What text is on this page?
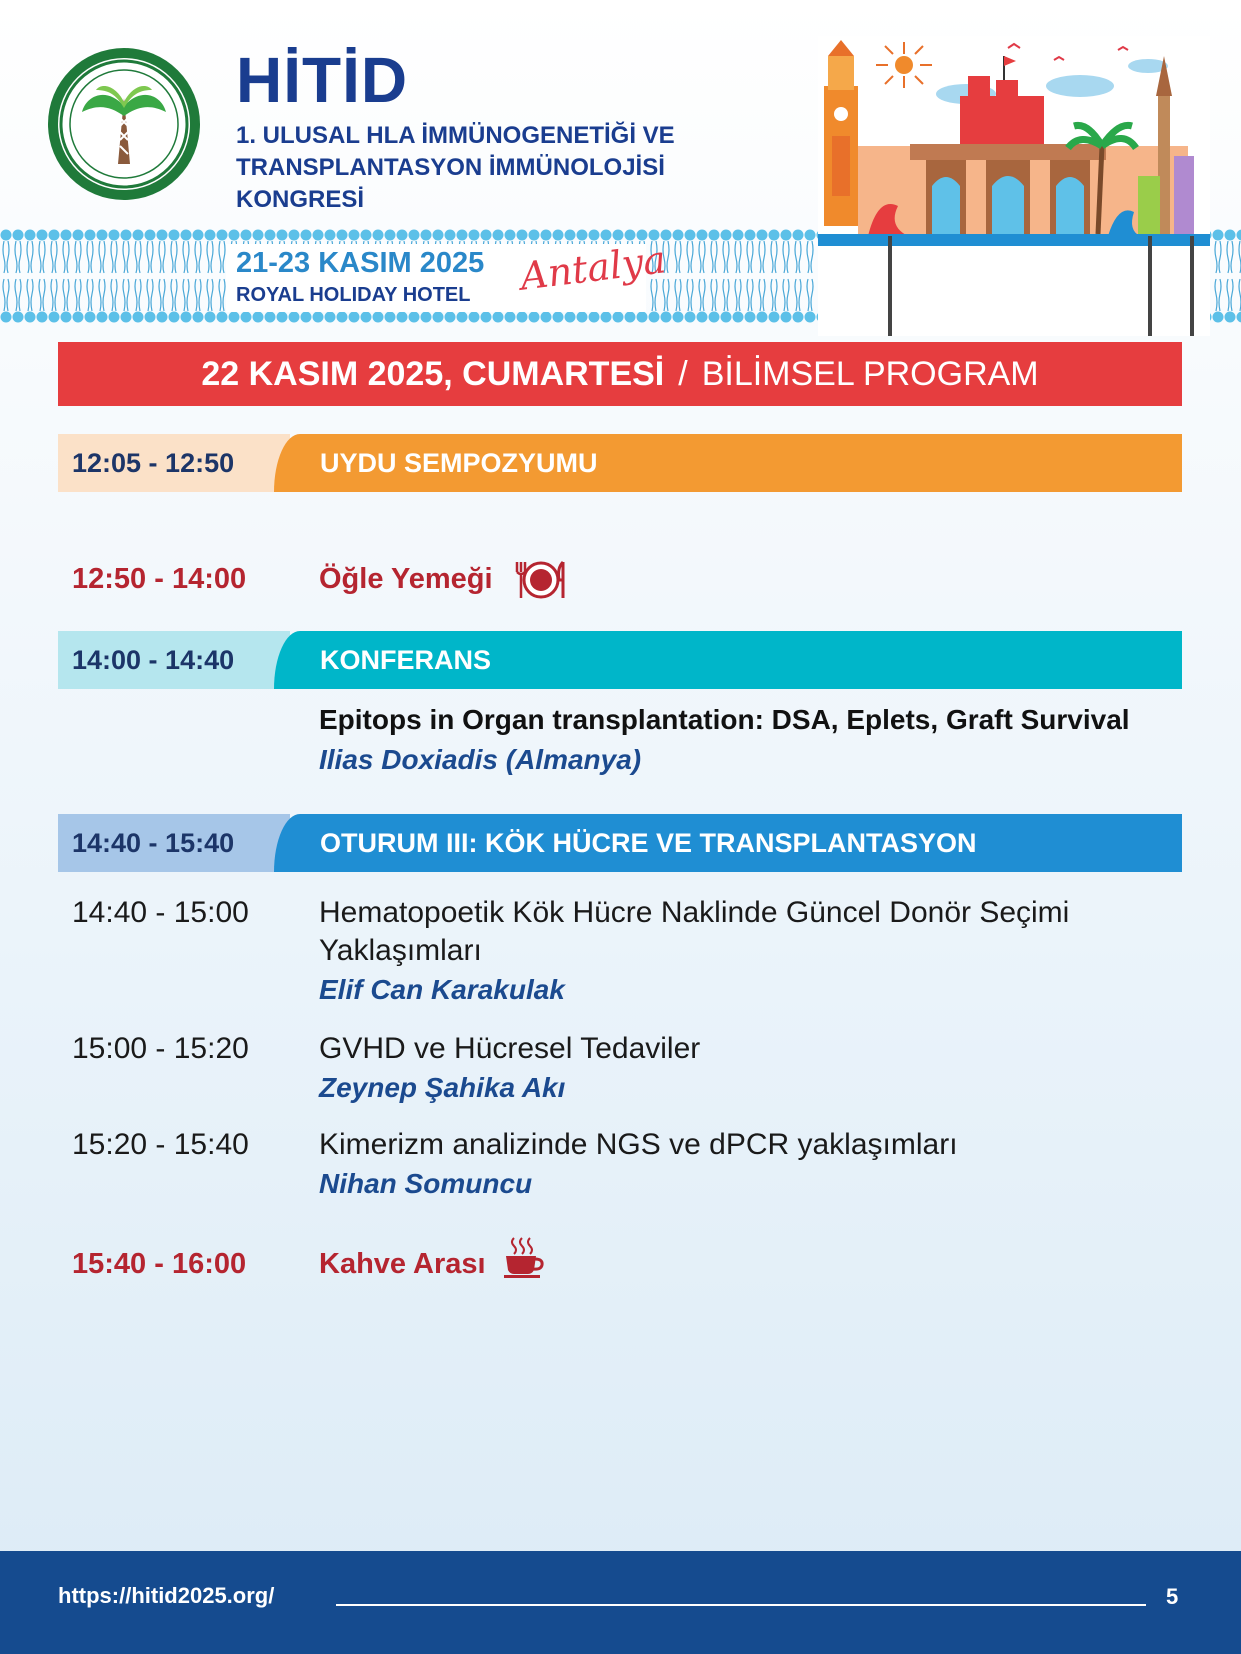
HİTİD
1. ULUSAL HLA İMMÜNOGENETİĞİ VE
TRANSPLANTASYON İMMÜNOLOJİSİ
KONGRESİ
21-23 KASIM 2025
ROYAL HOLIDAY HOTEL Antalya
22 KASIM 2025, CUMARTESİ / BİLİMSEL PROGRAM
12:05 - 12:50	UYDU SEMPOZYUMU
12:50 - 14:00	Öğle Yemeği
14:00 - 14:40	KONFERANS
Epitops in Organ transplantation: DSA, Eplets, Graft Survival
Ilias Doxiadis (Almanya)
14:40 - 15:40	OTURUM III: KÖK HÜCRE VE TRANSPLANTASYON
14:40 - 15:00 Hematopoetik Kök Hücre Naklinde Güncel Donör Seçimi
Yaklaşımları
Elif Can Karakulak
15:00 - 15:20 GVHD ve Hücresel Tedaviler
Zeynep Şahika Akı
15:20 - 15:40 Kimerizm analizinde NGS ve dPCR yaklaşımları
Nihan Somuncu
15:40 - 16:00	Kahve Arası
https://hitid2025.org/	5
